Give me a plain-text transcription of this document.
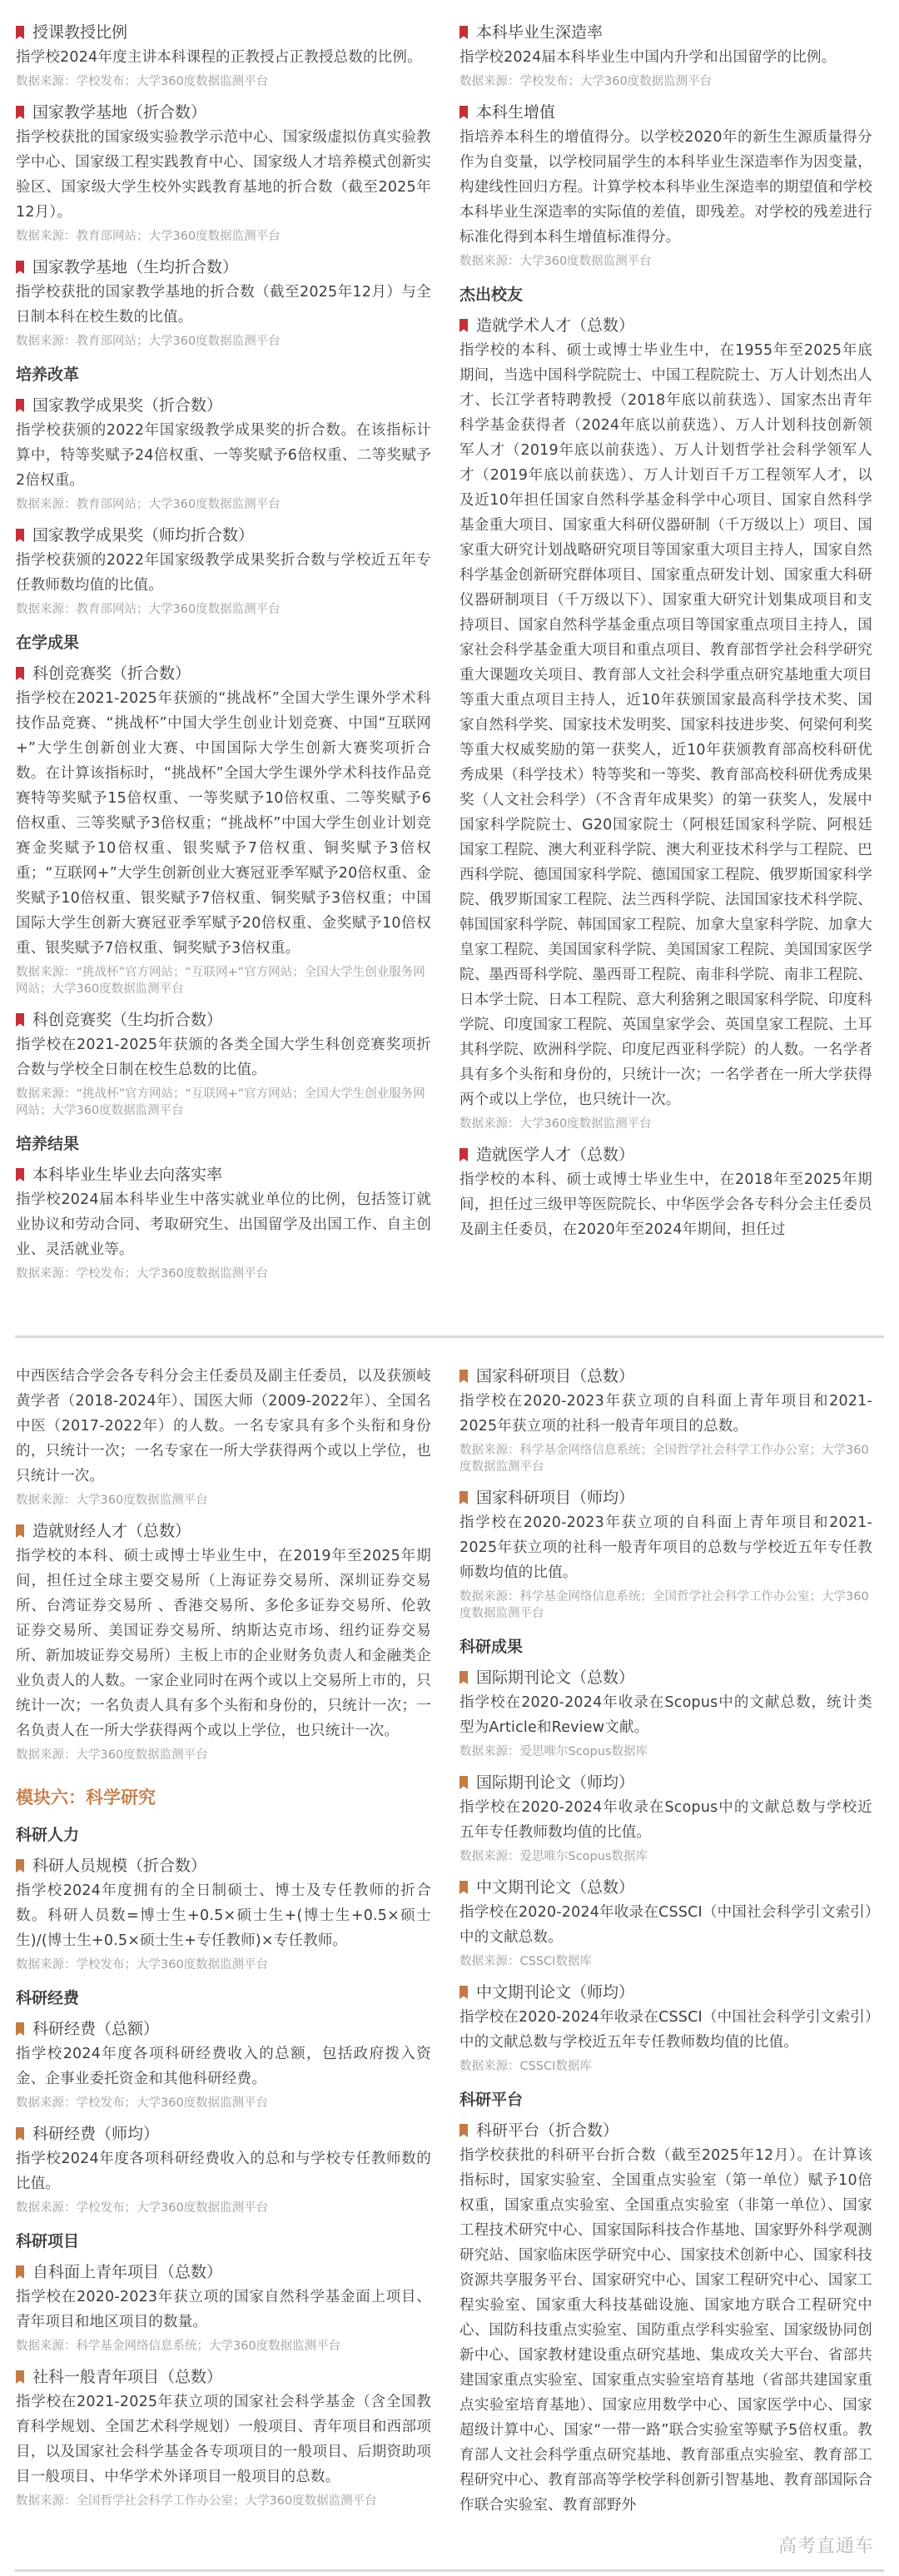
授课教授比例
指学校2024年度主讲本科课程的正教授占正教授总数的比例。
数据来源：学校发布；大学360度数据监测平台
国家教学基地（折合数）
指学校获批的国家级实验教学示范中心、国家级虚拟仿真实验教学中心、国家级工程实践教育中心、国家级人才培养模式创新实验区、国家级大学生校外实践教育基地的折合数（截至2025年12月）。
数据来源：教育部网站；大学360度数据监测平台
国家教学基地（生均折合数）
指学校获批的国家教学基地的折合数（截至2025年12月）与全日制本科在校生数的比值。
数据来源：教育部网站；大学360度数据监测平台
培养改革
国家教学成果奖（折合数）
指学校获颁的2022年国家级教学成果奖的折合数。在该指标计算中，特等奖赋予24倍权重、一等奖赋予6倍权重、二等奖赋予2倍权重。
数据来源：教育部网站；大学360度数据监测平台
国家教学成果奖（师均折合数）
指学校获颁的2022年国家级教学成果奖折合数与学校近五年专任教师数均值的比值。
数据来源：教育部网站；大学360度数据监测平台
在学成果
科创竞赛奖（折合数）
指学校在2021-2025年获颁的“挑战杯”全国大学生课外学术科技作品竞赛、“挑战杯”中国大学生创业计划竞赛、中国“互联网+”大学生创新创业大赛、中国国际大学生创新大赛奖项折合数。在计算该指标时，“挑战杯”全国大学生课外学术科技作品竞赛特等奖赋予15倍权重、一等奖赋予10倍权重、二等奖赋予6倍权重、三等奖赋予3倍权重；“挑战杯”中国大学生创业计划竞赛金奖赋予10倍权重、银奖赋予7倍权重、铜奖赋予3倍权重；“互联网+”大学生创新创业大赛冠亚季军赋予20倍权重、金奖赋予10倍权重、银奖赋予7倍权重、铜奖赋予3倍权重；中国国际大学生创新大赛冠亚季军赋予20倍权重、金奖赋予10倍权重、银奖赋予7倍权重、铜奖赋予3倍权重。
数据来源：“挑战杯”官方网站；“互联网+”官方网站；全国大学生创业服务网网站；大学360度数据监测平台
科创竞赛奖（生均折合数）
指学校在2021-2025年获颁的各类全国大学生科创竞赛奖项折合数与学校全日制在校生总数的比值。
数据来源：“挑战杯”官方网站；“互联网+”官方网站；全国大学生创业服务网网站；大学360度数据监测平台
培养结果
本科毕业生毕业去向落实率
指学校2024届本科毕业生中落实就业单位的比例，包括签订就业协议和劳动合同、考取研究生、出国留学及出国工作、自主创业、灵活就业等。
数据来源：学校发布；大学360度数据监测平台
本科毕业生深造率
指学校2024届本科毕业生中国内升学和出国留学的比例。
数据来源：学校发布；大学360度数据监测平台
本科生增值
指培养本科生的增值得分。以学校2020年的新生生源质量得分作为自变量，以学校同届学生的本科毕业生深造率作为因变量，构建线性回归方程。计算学校本科毕业生深造率的期望值和学校本科毕业生深造率的实际值的差值，即残差。对学校的残差进行标准化得到本科生增值标准得分。
数据来源：大学360度数据监测平台
杰出校友
造就学术人才（总数）
指学校的本科、硕士或博士毕业生中，在1955年至2025年底期间，当选中国科学院院士、中国工程院院士、万人计划杰出人才、长江学者特聘教授（2018年底以前获选）、国家杰出青年科学基金获得者（2024年底以前获选）、万人计划科技创新领军人才（2019年底以前获选）、万人计划哲学社会科学领军人才（2019年底以前获选）、万人计划百千万工程领军人才，以及近10年担任国家自然科学基金科学中心项目、国家自然科学基金重大项目、国家重大科研仪器研制（千万级以上）项目、国家重大研究计划战略研究项目等国家重大项目主持人，国家自然科学基金创新研究群体项目、国家重点研发计划、国家重大科研仪器研制项目（千万级以下）、国家重大研究计划集成项目和支持项目、国家自然科学基金重点项目等国家重点项目主持人，国家社会科学基金重大项目和重点项目、教育部哲学社会科学研究重大课题攻关项目、教育部人文社会科学重点研究基地重大项目等重大重点项目主持人，近10年获颁国家最高科学技术奖、国家自然科学奖、国家技术发明奖、国家科技进步奖、何梁何利奖等重大权威奖励的第一获奖人，近10年获颁教育部高校科研优秀成果（科学技术）特等奖和一等奖、教育部高校科研优秀成果奖（人文社会科学）（不含青年成果奖）的第一获奖人，发展中国家科学院院士、G20国家院士（阿根廷国家科学院、阿根廷国家工程院、澳大利亚科学院、澳大利亚技术科学与工程院、巴西科学院、德国国家科学院、德国国家工程院、俄罗斯国家科学院、俄罗斯国家工程院、法兰西科学院、法国国家技术科学院、韩国国家科学院、韩国国家工程院、加拿大皇家科学院、加拿大皇家工程院、美国国家科学院、美国国家工程院、美国国家医学院、墨西哥科学院、墨西哥工程院、南非科学院、南非工程院、日本学士院、日本工程院、意大利猞猁之眼国家科学院、印度科学院、印度国家工程院、英国皇家学会、英国皇家工程院、土耳其科学院、欧洲科学院、印度尼西亚科学院）的人数。一名学者具有多个头衔和身份的，只统计一次；一名学者在一所大学获得两个或以上学位，也只统计一次。
数据来源：大学360度数据监测平台
造就医学人才（总数）
指学校的本科、硕士或博士毕业生中，在2018年至2025年期间，担任过三级甲等医院院长、中华医学会各专科分会主任委员及副主任委员，在2020年至2024年期间，担任过
中西医结合学会各专科分会主任委员及副主任委员，以及获颁岐黄学者（2018-2024年）、国医大师（2009-2022年）、全国名中医（2017-2022年）的人数。一名专家具有多个头衔和身份的，只统计一次；一名专家在一所大学获得两个或以上学位，也只统计一次。
数据来源：大学360度数据监测平台
造就财经人才（总数）
指学校的本科、硕士或博士毕业生中，在2019年至2025年期间，担任过全球主要交易所（上海证券交易所、深圳证券交易所、台湾证券交易所 、香港交易所、多伦多证券交易所、伦敦证券交易所、美国证券交易所、纳斯达克市场、纽约证券交易所、新加坡证券交易所）主板上市的企业财务负责人和金融类企业负责人的人数。一家企业同时在两个或以上交易所上市的，只统计一次；一名负责人具有多个头衔和身份的，只统计一次；一名负责人在一所大学获得两个或以上学位，也只统计一次。
数据来源：大学360度数据监测平台
模块六：科学研究
科研人力
科研人员规模（折合数）
指学校2024年度拥有的全日制硕士、博士及专任教师的折合数。科研人员数=博士生+0.5×硕士生+(博士生+0.5×硕士生)/(博士生+0.5×硕士生+专任教师)×专任教师。
数据来源：学校发布；大学360度数据监测平台
科研经费
科研经费（总额）
指学校2024年度各项科研经费收入的总额，包括政府拨入资金、企事业委托资金和其他科研经费。
数据来源：学校发布；大学360度数据监测平台
科研经费（师均）
指学校2024年度各项科研经费收入的总和与学校专任教师数的比值。
数据来源：学校发布；大学360度数据监测平台
科研项目
自科面上青年项目（总数）
指学校在2020-2023年获立项的国家自然科学基金面上项目、青年项目和地区项目的数量。
数据来源：科学基金网络信息系统；大学360度数据监测平台
社科一般青年项目（总数）
指学校在2021-2025年获立项的国家社会科学基金（含全国教育科学规划、全国艺术科学规划）一般项目、青年项目和西部项目，以及国家社会科学基金各专项项目的一般项目、后期资助项目一般项目、中华学术外译项目一般项目的总数。
数据来源：全国哲学社会科学工作办公室；大学360度数据监测平台
国家科研项目（总数）
指学校在2020-2023年获立项的自科面上青年项目和2021-2025年获立项的社科一般青年项目的总数。
数据来源：科学基金网络信息系统；全国哲学社会科学工作办公室；大学360度数据监测平台
国家科研项目（师均）
指学校在2020-2023年获立项的自科面上青年项目和2021-2025年获立项的社科一般青年项目的总数与学校近五年专任教师数均值的比值。
数据来源：科学基金网络信息系统；全国哲学社会科学工作办公室；大学360度数据监测平台
科研成果
国际期刊论文（总数）
指学校在2020-2024年收录在Scopus中的文献总数，统计类型为Article和Review文献。
数据来源：爱思唯尔Scopus数据库
国际期刊论文（师均）
指学校在2020-2024年收录在Scopus中的文献总数与学校近五年专任教师数均值的比值。
数据来源：爱思唯尔Scopus数据库
中文期刊论文（总数）
指学校在2020-2024年收录在CSSCI（中国社会科学引文索引）中的文献总数。
数据来源：CSSCI数据库
中文期刊论文（师均）
指学校在2020-2024年收录在CSSCI（中国社会科学引文索引）中的文献总数与学校近五年专任教师数均值的比值。
数据来源：CSSCI数据库
科研平台
科研平台（折合数）
指学校获批的科研平台折合数（截至2025年12月）。在计算该指标时，国家实验室、全国重点实验室（第一单位）赋予10倍权重，国家重点实验室、全国重点实验室（非第一单位）、国家工程技术研究中心、国家国际科技合作基地、国家野外科学观测研究站、国家临床医学研究中心、国家技术创新中心、国家科技资源共享服务平台、国家研究中心、国家工程研究中心、国家工程实验室、国家重大科技基础设施、国家地方联合工程研究中心、国防科技重点实验室、国防重点学科实验室、国家级协同创新中心、国家教材建设重点研究基地、集成攻关大平台、省部共建国家重点实验室、国家重点实验室培育基地（省部共建国家重点实验室培育基地）、国家应用数学中心、国家医学中心、国家超级计算中心、国家“一带一路”联合实验室等赋予5倍权重。教育部人文社会科学重点研究基地、教育部重点实验室、教育部工程研究中心、教育部高等学校学科创新引智基地、教育部国际合作联合实验室、教育部野外
高考直通车
